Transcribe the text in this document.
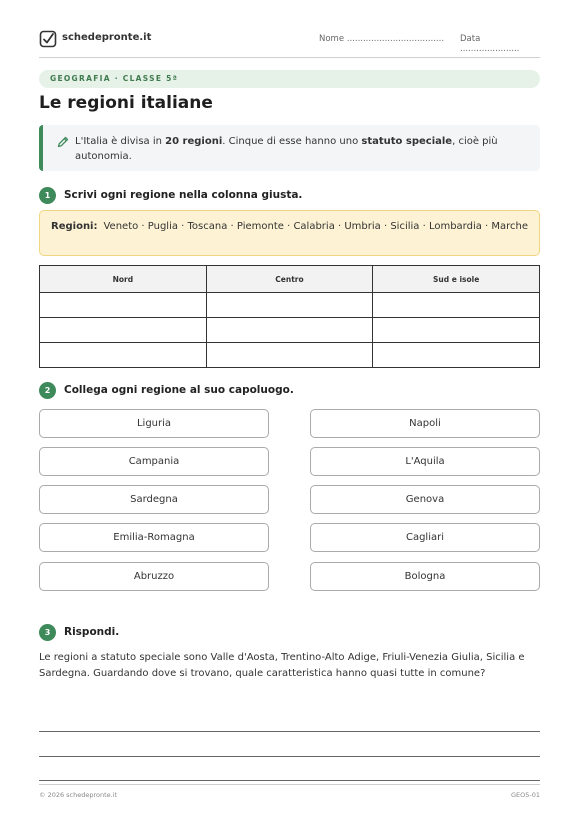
schedepronte.it	Nome .................................... Data ......................
GEOGRAFIA · CLASSE 5ª
Le regioni italiane
L'Italia è divisa in 20 regioni. Cinque di esse hanno uno statuto speciale, cioè più autonomia.
1	Scrivi ogni regione nella colonna giusta.
Regioni: Veneto · Puglia · Toscana · Piemonte · Calabria · Umbria · Sicilia · Lombardia · Marche
Nord	Centro	Sud e isole

2	Collega ogni regione al suo capoluogo.
Liguria
Campania
Sardegna
Emilia-Romagna
Abruzzo
Napoli
L'Aquila
Genova
Cagliari
Bologna
3	Rispondi.
Le regioni a statuto speciale sono Valle d'Aosta, Trentino-Alto Adige, Friuli-Venezia Giulia, Sicilia e Sardegna. Guardando dove si trovano, quale caratteristica hanno quasi tutte in comune?
© 2026 schedepronte.it	GEO5-01
